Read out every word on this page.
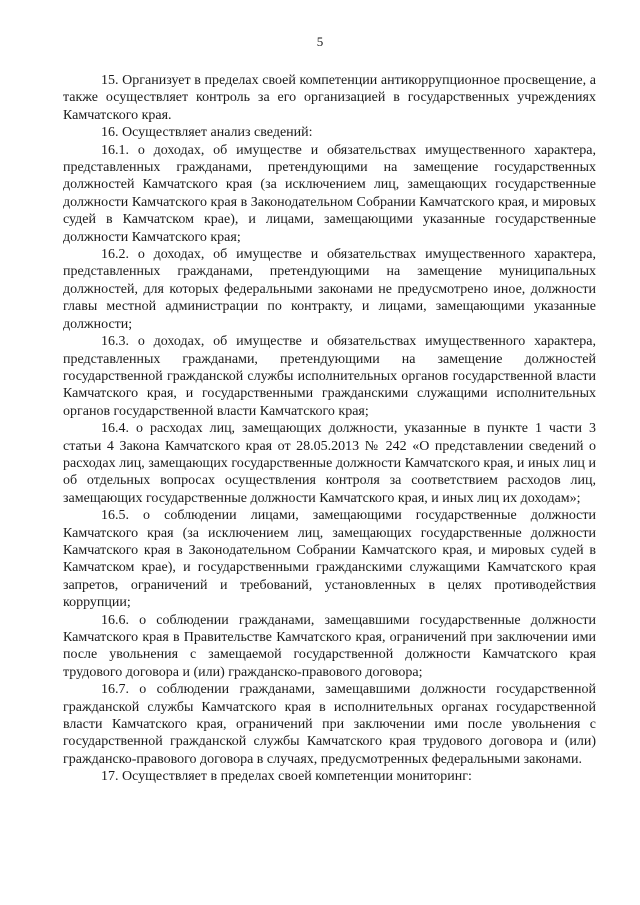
5

15. Организует в пределах своей компетенции антикоррупционное просвещение, а также осуществляет контроль за его организацией в государственных учреждениях Камчатского края.

16. Осуществляет анализ сведений:

16.1. о доходах, об имуществе и обязательствах имущественного характера, представленных гражданами, претендующими на замещение государственных должностей Камчатского края (за исключением лиц, замещающих государственные должности Камчатского края в Законодательном Собрании Камчатского края, и мировых судей в Камчатском крае), и лицами, замещающими указанные государственные должности Камчатского края;

16.2. о доходах, об имуществе и обязательствах имущественного характера, представленных гражданами, претендующими на замещение муниципальных должностей, для которых федеральными законами не предусмотрено иное, должности главы местной администрации по контракту, и лицами, замещающими указанные должности;

16.3. о доходах, об имуществе и обязательствах имущественного характера, представленных гражданами, претендующими на замещение должностей государственной гражданской службы исполнительных органов государственной власти Камчатского края, и государственными гражданскими служащими исполнительных органов государственной власти Камчатского края;

16.4. о расходах лиц, замещающих должности, указанные в пункте 1 части 3 статьи 4 Закона Камчатского края от 28.05.2013 № 242 «О представлении сведений о расходах лиц, замещающих государственные должности Камчатского края, и иных лиц и об отдельных вопросах осуществления контроля за соответствием расходов лиц, замещающих государственные должности Камчатского края, и иных лиц их доходам»;

16.5. о соблюдении лицами, замещающими государственные должности Камчатского края (за исключением лиц, замещающих государственные должности Камчатского края в Законодательном Собрании Камчатского края, и мировых судей в Камчатском крае), и государственными гражданскими служащими Камчатского края запретов, ограничений и требований, установленных в целях противодействия коррупции;

16.6. о соблюдении гражданами, замещавшими государственные должности Камчатского края в Правительстве Камчатского края, ограничений при заключении ими после увольнения с замещаемой государственной должности Камчатского края трудового договора и (или) гражданско-правового договора;

16.7. о соблюдении гражданами, замещавшими должности государственной гражданской службы Камчатского края в исполнительных органах государственной власти Камчатского края, ограничений при заключении ими после увольнения с государственной гражданской службы Камчатского края трудового договора и (или) гражданско-правового договора в случаях, предусмотренных федеральными законами.

17. Осуществляет в пределах своей компетенции мониторинг:
